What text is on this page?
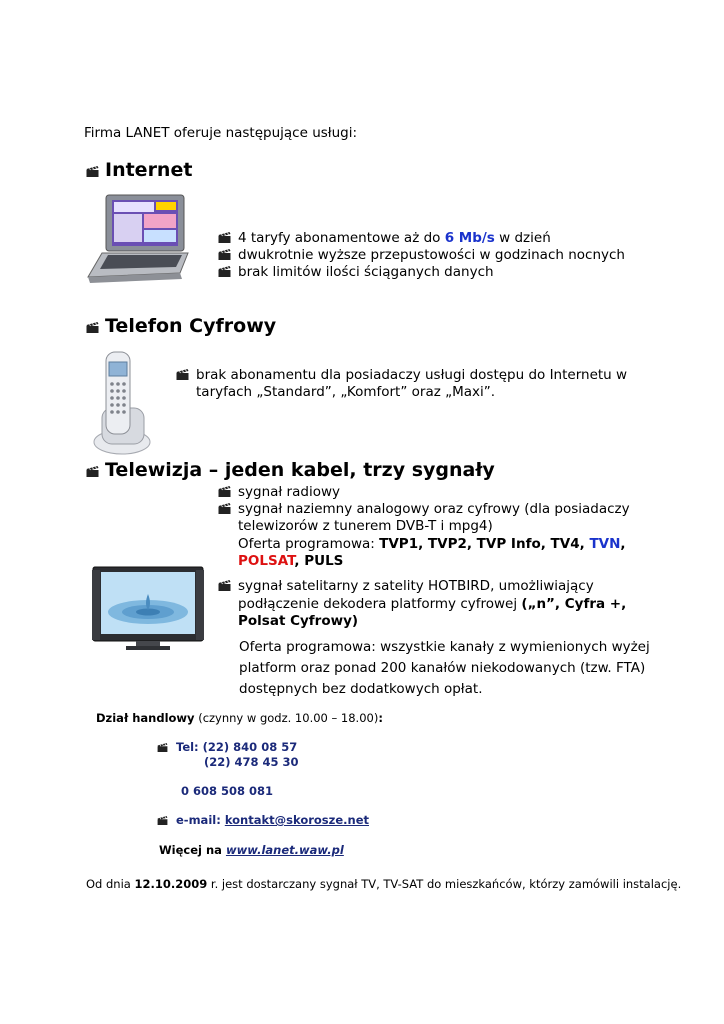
Firma LANET oferuje następujące usługi:
Internet
4 taryfy abonamentowe aż do 6 Mb/s w dzień
dwukrotnie wyższe przepustowości w godzinach nocnych
brak limitów ilości ściąganych danych
Telefon Cyfrowy
brak abonamentu dla posiadaczy usługi dostępu do Internetu w
taryfach „Standard”, „Komfort” oraz „Maxi”.
Telewizja – jeden kabel, trzy sygnały
sygnał radiowy
sygnał naziemny analogowy oraz cyfrowy (dla posiadaczy
telewizorów z tunerem DVB-T i mpg4)
Oferta programowa: TVP1, TVP2, TVP Info, TV4, TVN,
POLSAT, PULS
sygnał satelitarny z satelity HOTBIRD, umożliwiający
podłączenie dekodera platformy cyfrowej („n”, Cyfra +,
Polsat Cyfrowy)
Oferta programowa: wszystkie kanały z wymienionych wyżej
platform oraz ponad 200 kanałów niekodowanych (tzw. FTA)
dostępnych bez dodatkowych opłat.
Dział handlowy (czynny w godz. 10.00 – 18.00):
Tel: (22) 840 08 57
(22) 478 45 30
0 608 508 081
e-mail: kontakt@skorosze.net
Więcej na www.lanet.waw.pl
Od dnia 12.10.2009 r. jest dostarczany sygnał TV, TV-SAT do mieszkańców, którzy zamówili instalację.
